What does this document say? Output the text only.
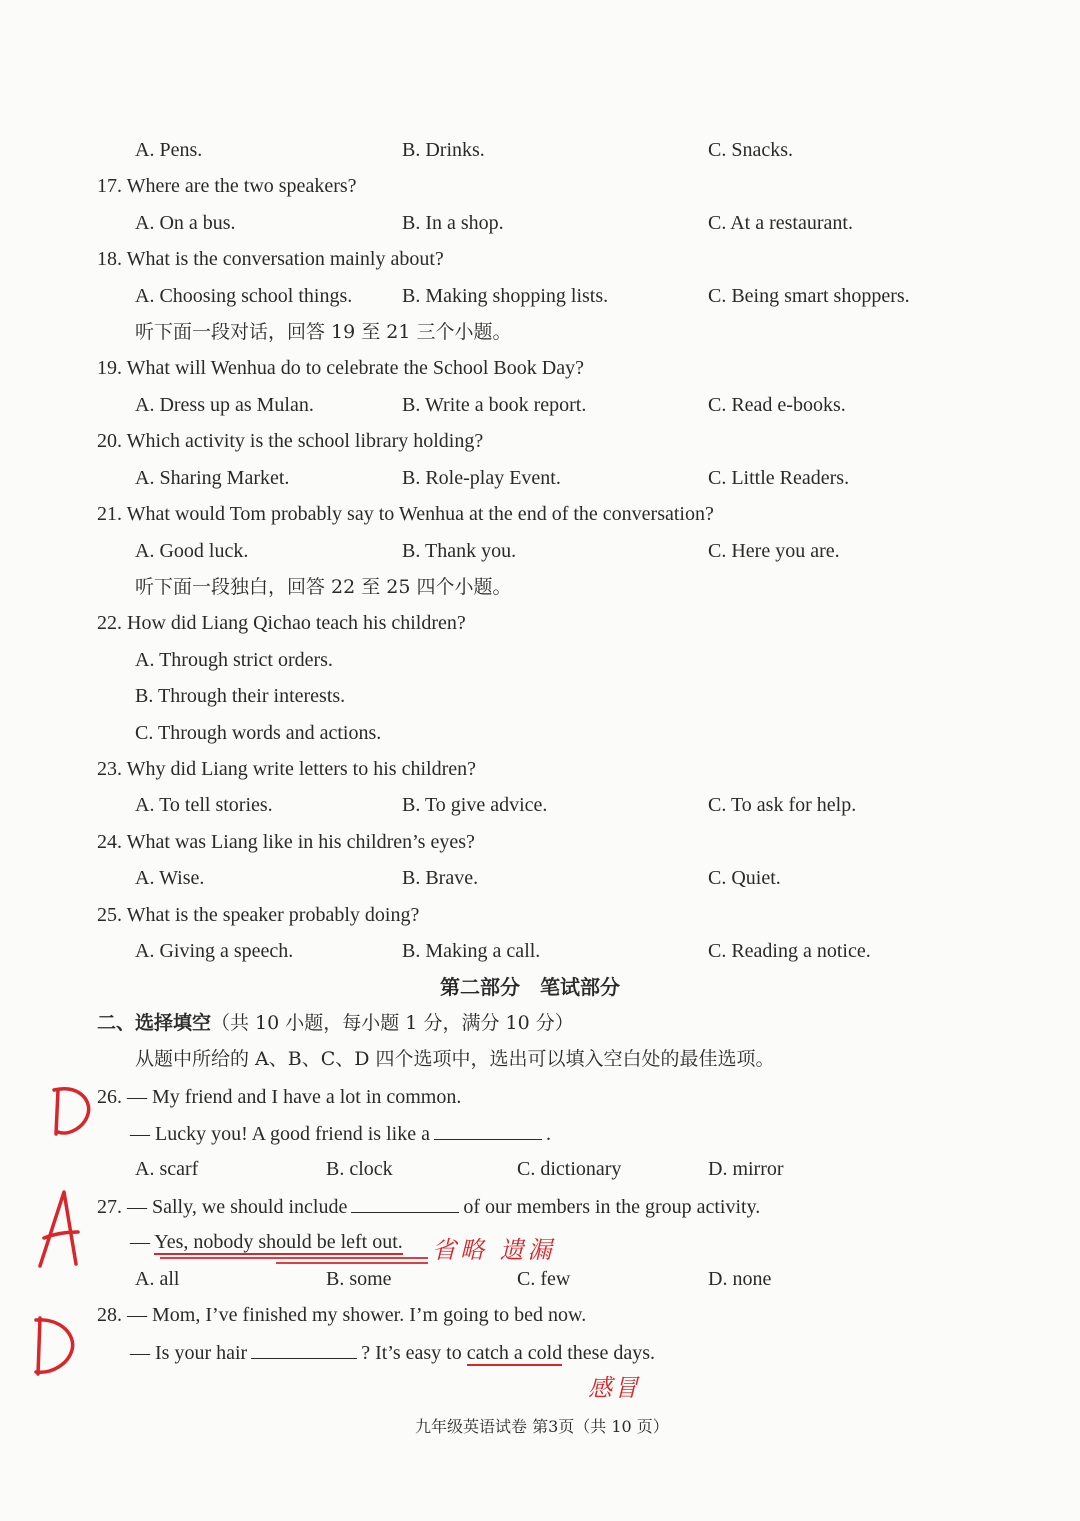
A. Pens.	B. Drinks.	C. Snacks.
17. Where are the two speakers?
A. On a bus.	B. In a shop.	C. At a restaurant.
18. What is the conversation mainly about?
A. Choosing school things. B. Making shopping lists.	C. Being smart shoppers.
听下面一段对话，回答 19 至 21 三个小题。
19. What will Wenhua do to celebrate the School Book Day?
A. Dress up as Mulan.	B. Write a book report.	C. Read e-books.
20. Which activity is the school library holding?
A. Sharing Market.	B. Role-play Event.	C. Little Readers.
21. What would Tom probably say to Wenhua at the end of the conversation?
A. Good luck.	B. Thank you.	C. Here you are.
听下面一段独白，回答 22 至 25 四个小题。
22. How did Liang Qichao teach his children?
A. Through strict orders.
B. Through their interests.
C. Through words and actions.
23. Why did Liang write letters to his children?
A. To tell stories.	B. To give advice.	C. To ask for help.
24. What was Liang like in his children’s eyes?
A. Wise.	B. Brave.	C. Quiet.
25. What is the speaker probably doing?
A. Giving a speech.	B. Making a call.	C. Reading a notice.
第二部分　笔试部分
二、选择填空（共 10 小题，每小题 1 分，满分 10 分）
从题中所给的 A、B、C、D 四个选项中，选出可以填入空白处的最佳选项。
26. — My friend and I have a lot in common.
— Lucky you! A good friend is like a	.
A. scarf	B. clock	C. dictionary	D. mirror
27. — Sally, we should include	of our members in the group activity.
— Yes, nobody should be left out.
A. all	B. some	C. few	D. none
28. — Mom, I’ve finished my shower. I’m going to bed now.
— Is your hair	? It’s easy to catch a cold these days.
九年级英语试卷 第3页（共 10 页）
省略 遗漏
感冒
